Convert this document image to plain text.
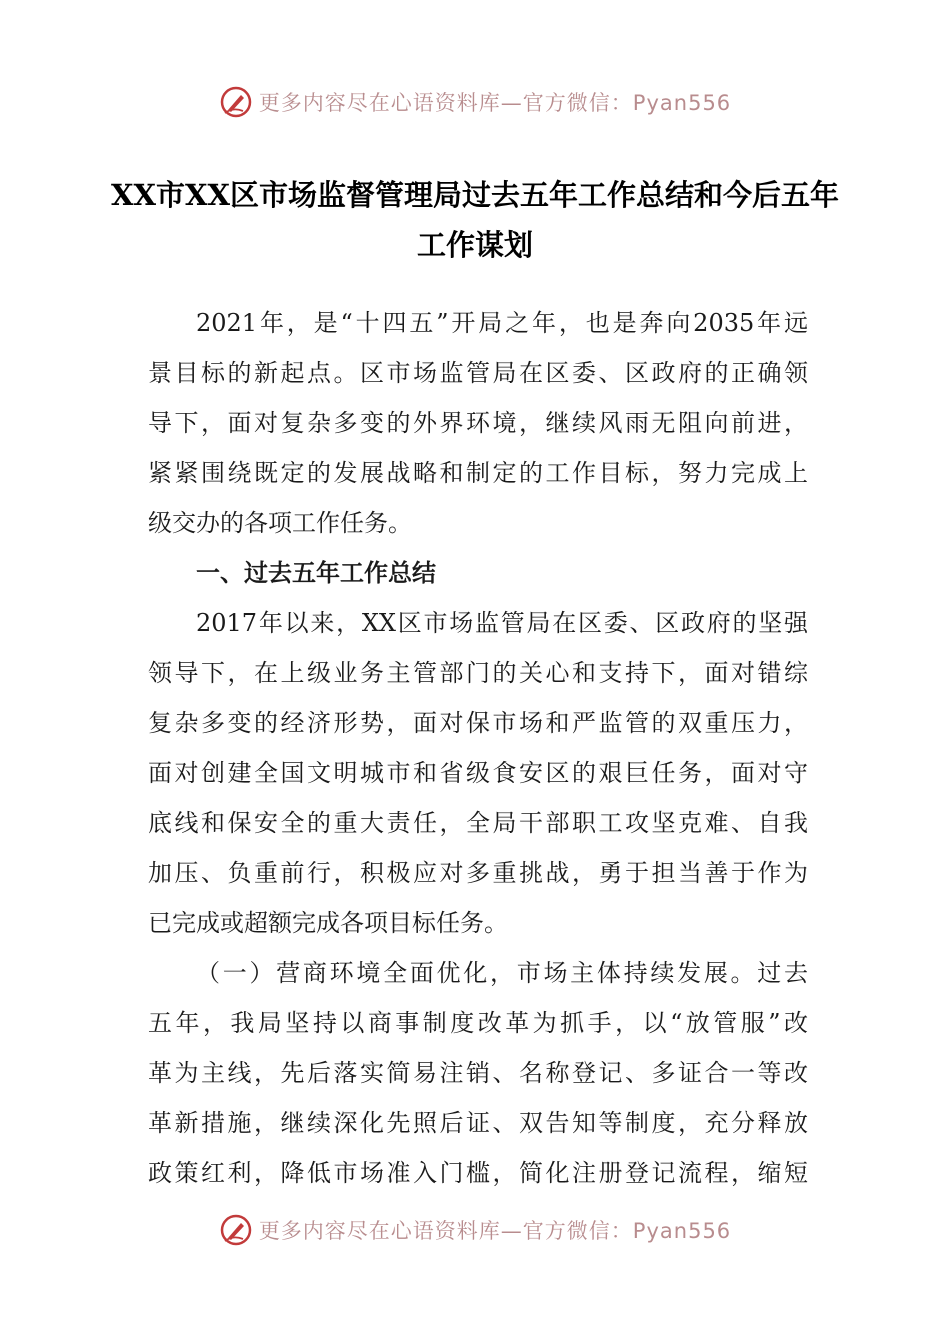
更多内容尽在心语资料库—官方微信：Pyan556
XX市XX区市场监督管理局过去五年工作总结和今后五年
工作谋划
2021年，是“十四五”开局之年，也是奔向2035年远
景目标的新起点。区市场监管局在区委、区政府的正确领
导下，面对复杂多变的外界环境，继续风雨无阻向前进，
紧紧围绕既定的发展战略和制定的工作目标，努力完成上
级交办的各项工作任务。
一、过去五年工作总结
2017年以来，XX区市场监管局在区委、区政府的坚强
领导下，在上级业务主管部门的关心和支持下，面对错综
复杂多变的经济形势，面对保市场和严监管的双重压力，
面对创建全国文明城市和省级食安区的艰巨任务，面对守
底线和保安全的重大责任，全局干部职工攻坚克难、自我
加压、负重前行，积极应对多重挑战，勇于担当善于作为
已完成或超额完成各项目标任务。
（一）营商环境全面优化，市场主体持续发展。过去
五年，我局坚持以商事制度改革为抓手，以“放管服”改
革为主线，先后落实简易注销、名称登记、多证合一等改
革新措施，继续深化先照后证、双告知等制度，充分释放
政策红利，降低市场准入门槛，简化注册登记流程，缩短
更多内容尽在心语资料库—官方微信：Pyan556
